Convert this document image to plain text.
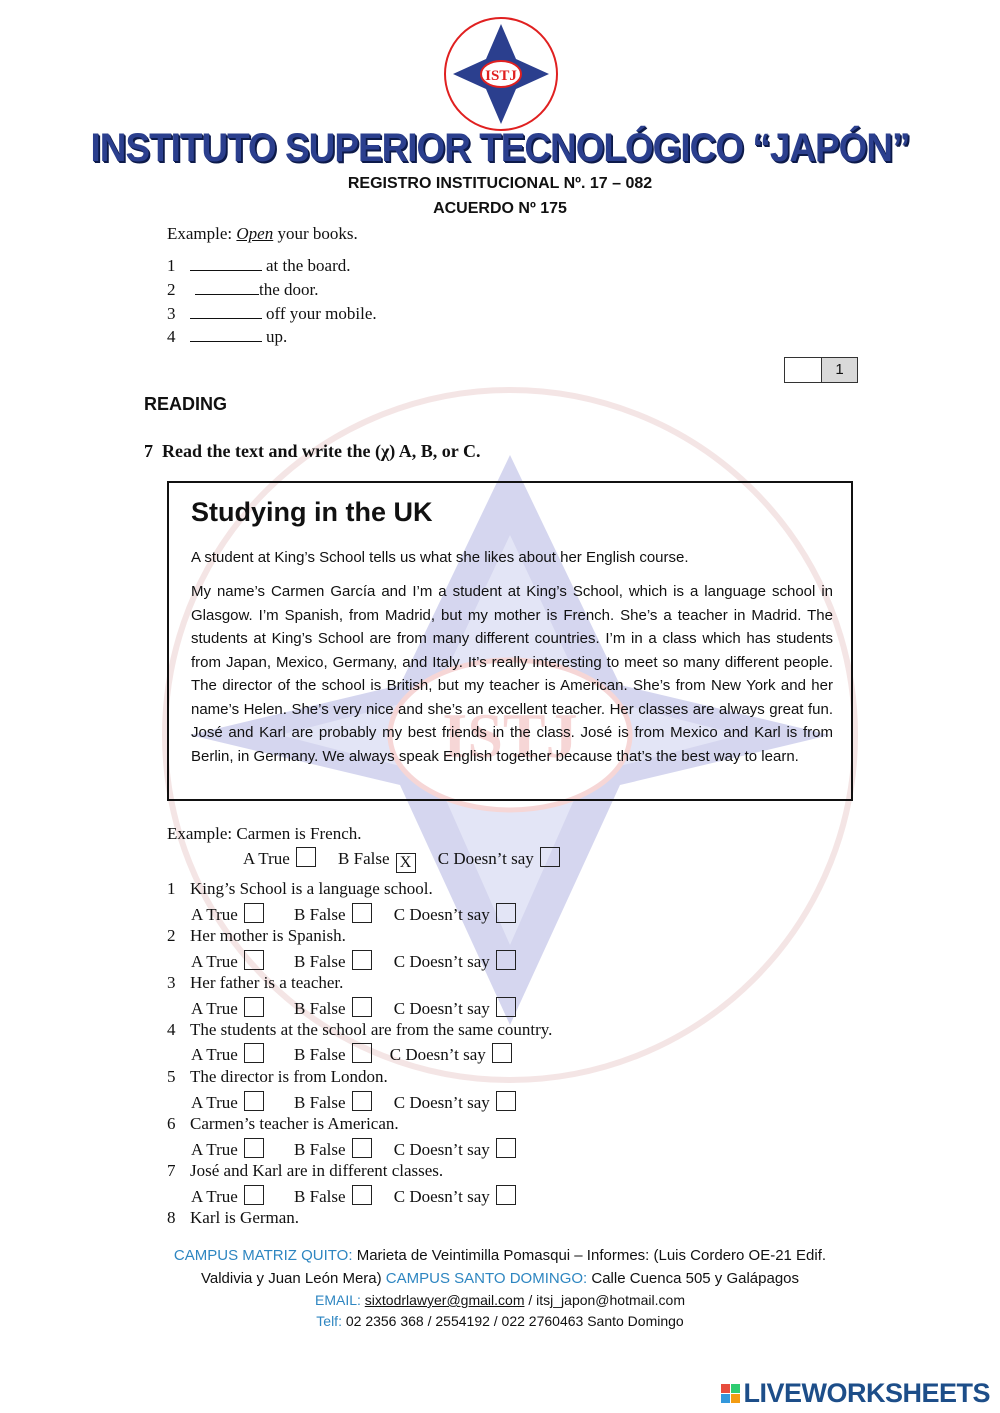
ISTJ
ISTJ
INSTITUTO SUPERIOR TECNOLÓGICO “JAPÓN”
REGISTRO INSTITUCIONAL Nº. 17 – 082
ACUERDO Nº 175
Example: Open your books.
1	at the board.
2	the door.
3	off your mobile.
4	up.
1
READING
7 Read the text and write the (χ) A, B, or C.
Studying in the UK
A student at King’s School tells us what she likes about her English course.
My name’s Carmen García and I’m a student at King’s School, which is a language school in Glasgow. I’m Spanish, from Madrid, but my mother is French. She’s a teacher in Madrid. The students at King’s School are from many different countries. I’m in a class which has students from Japan, Mexico, Germany, and Italy. It’s really interesting to meet so many different people. The director of the school is British, but my teacher is American. She’s from New York and her name’s Helen. She’s very nice and she’s an excellent teacher. Her classes are always great fun. José and Karl are probably my best friends in the class. José is from Mexico and Karl is from Berlin, in Germany. We always speak English together because that’s the best way to learn.
Example: Carmen is French.
A True	B False X C Doesn’t say
1 King’s School is a language school.
A True	B False	C Doesn’t say
2 Her mother is Spanish.
A True	B False	C Doesn’t say
3 Her father is a teacher.
A True	B False	C Doesn’t say
4 The students at the school are from the same country.
A True	B False	C Doesn’t say
5 The director is from London.
A True	B False	C Doesn’t say
6 Carmen’s teacher is American.
A True	B False	C Doesn’t say
7 José and Karl are in different classes.
A True	B False	C Doesn’t say
8 Karl is German.
CAMPUS MATRIZ QUITO: Marieta de Veintimilla Pomasqui – Informes: (Luis Cordero OE-21 Edif.
Valdivia y Juan León Mera) CAMPUS SANTO DOMINGO: Calle Cuenca 505 y Galápagos
EMAIL: sixtodrlawyer@gmail.com / itsj_japon@hotmail.com
Telf: 02 2356 368 / 2554192 / 022 2760463 Santo Domingo
LIVEWORKSHEETS
